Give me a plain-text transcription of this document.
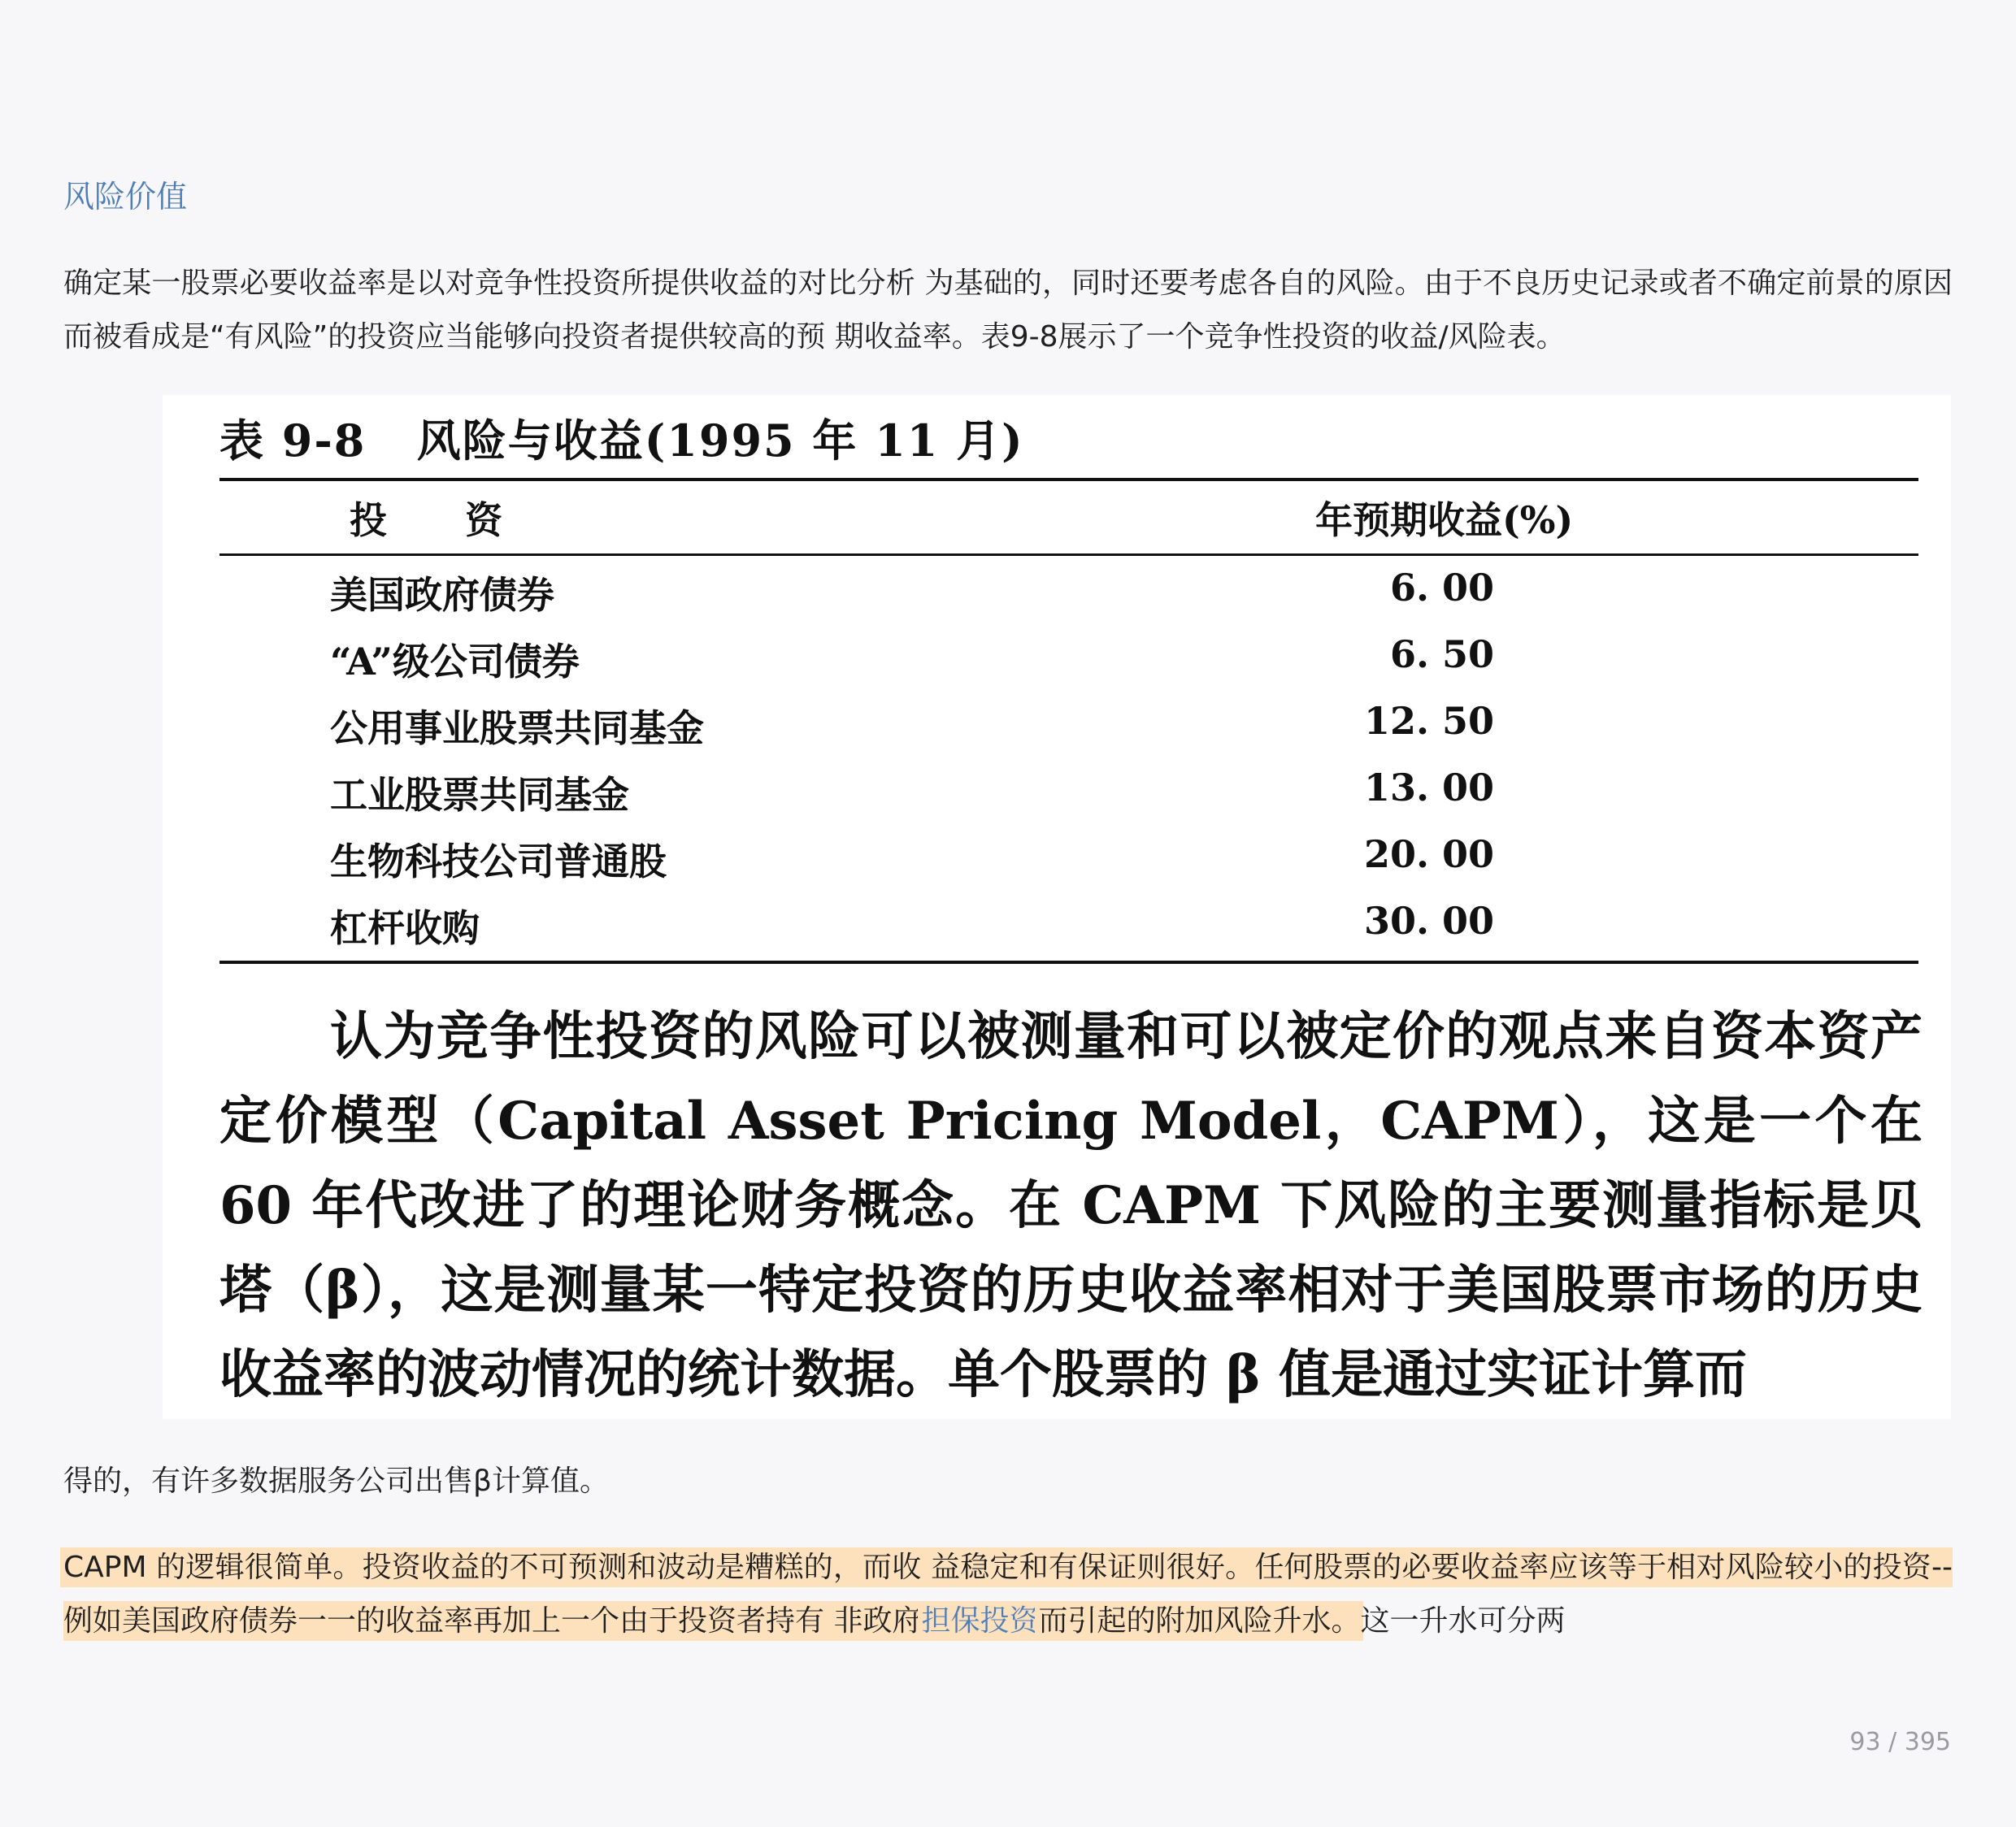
风险价值

确定某一股票必要收益率是以对竞争性投资所提供收益的对比分析 为基础的，同时还要考虑各自的风险。由于不良历史记录或者不确定前景的原因而被看成是“有风险”的投资应当能够向投资者提供较高的预 期收益率。表9-8展示了一个竞争性投资的收益/风险表。

表 9-8   风险与收益(1995 年 11 月)
投      资	年预期收益(%)
美国政府债券	6. 00
“A”级公司债券	6. 50
公用事业股票共同基金	12. 50
工业股票共同基金	13. 00
生物科技公司普通股	20. 00
杠杆收购	30. 00

认为竞争性投资的风险可以被测量和可以被定价的观点来自资本资产定价模型（Capital Asset Pricing Model，CAPM），这是一个在 60 年代改进了的理论财务概念。在 CAPM 下风险的主要测量指标是贝塔（β），这是测量某一特定投资的历史收益率相对于美国股票市场的历史收益率的波动情况的统计数据。单个股票的 β 值是通过实证计算而

得的，有许多数据服务公司出售β计算值。

CAPM 的逻辑很简单。投资收益的不可预测和波动是糟糕的，而收 益稳定和有保证则很好。任何股票的必要收益率应该等于相对风险较小的投资--例如美国政府债券一一的收益率再加上一个由于投资者持有 非政府担保投资而引起的附加风险升水。这一升水可分两

93 / 395
